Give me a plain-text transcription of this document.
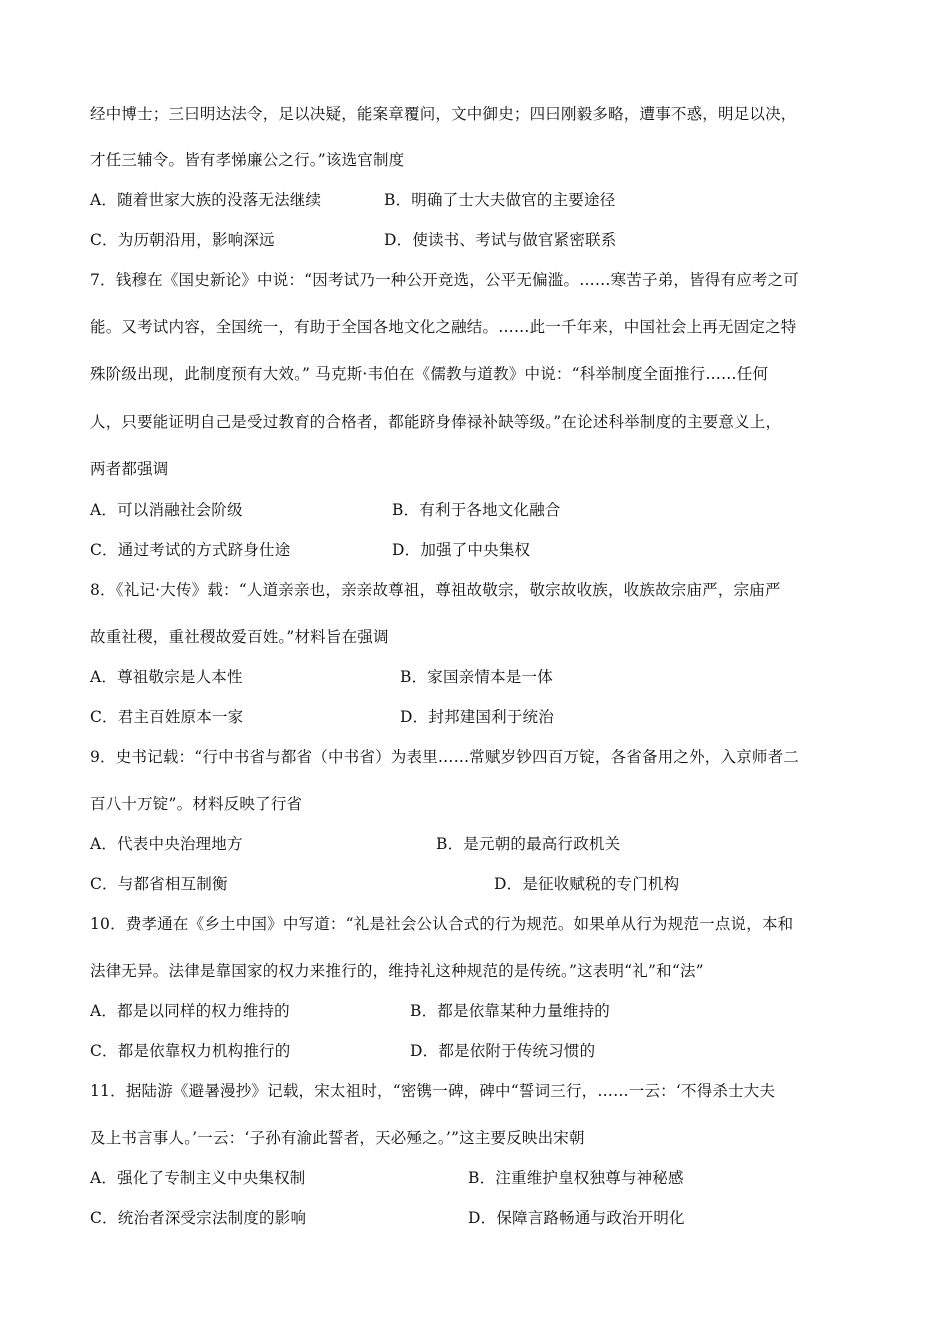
经中博士；三曰明达法令，足以决疑，能案章覆问，文中御史；四曰刚毅多略，遭事不惑，明足以决，
才任三辅令。皆有孝悌廉公之行。”该选官制度
A．随着世家大族的没落无法继续	B．明确了士大夫做官的主要途径
C．为历朝沿用，影响深远	D．使读书、考试与做官紧密联系
7．钱穆在《国史新论》中说：“因考试乃一种公开竞选，公平无偏滥。……寒苦子弟，皆得有应考之可
能。又考试内容，全国统一，有助于全国各地文化之融结。……此一千年来，中国社会上再无固定之特
殊阶级出现，此制度预有大效。” 马克斯·韦伯在《儒教与道教》中说：“科举制度全面推行……任何
人，只要能证明自己是受过教育的合格者，都能跻身俸禄补缺等级。”在论述科举制度的主要意义上，
两者都强调
A．可以消融社会阶级	B．有利于各地文化融合
C．通过考试的方式跻身仕途	D．加强了中央集权
8．《礼记·大传》载：“人道亲亲也，亲亲故尊祖，尊祖故敬宗，敬宗故收族，收族故宗庙严，宗庙严
故重社稷，重社稷故爱百姓。”材料旨在强调
A．尊祖敬宗是人本性	B．家国亲情本是一体
C．君主百姓原本一家	D．封邦建国利于统治
9．史书记载：“行中书省与都省（中书省）为表里……常赋岁钞四百万锭，各省备用之外，入京师者二
百八十万锭”。材料反映了行省
A．代表中央治理地方	B．是元朝的最高行政机关
C．与都省相互制衡	D．是征收赋税的专门机构
10．费孝通在《乡土中国》中写道：“礼是社会公认合式的行为规范。如果单从行为规范一点说，本和
法律无异。法律是靠国家的权力来推行的，维持礼这种规范的是传统。”这表明“礼”和“法”
A．都是以同样的权力维持的	B．都是依靠某种力量维持的
C．都是依靠权力机构推行的	D．都是依附于传统习惯的
11．据陆游《避暑漫抄》记载，宋太祖时，“密镌一碑，碑中“誓词三行，……一云：‘不得杀士大夫
及上书言事人。’一云：‘子孙有渝此誓者，天必殛之。’”这主要反映出宋朝
A．强化了专制主义中央集权制	B．注重维护皇权独尊与神秘感
C．统治者深受宗法制度的影响	D．保障言路畅通与政治开明化
